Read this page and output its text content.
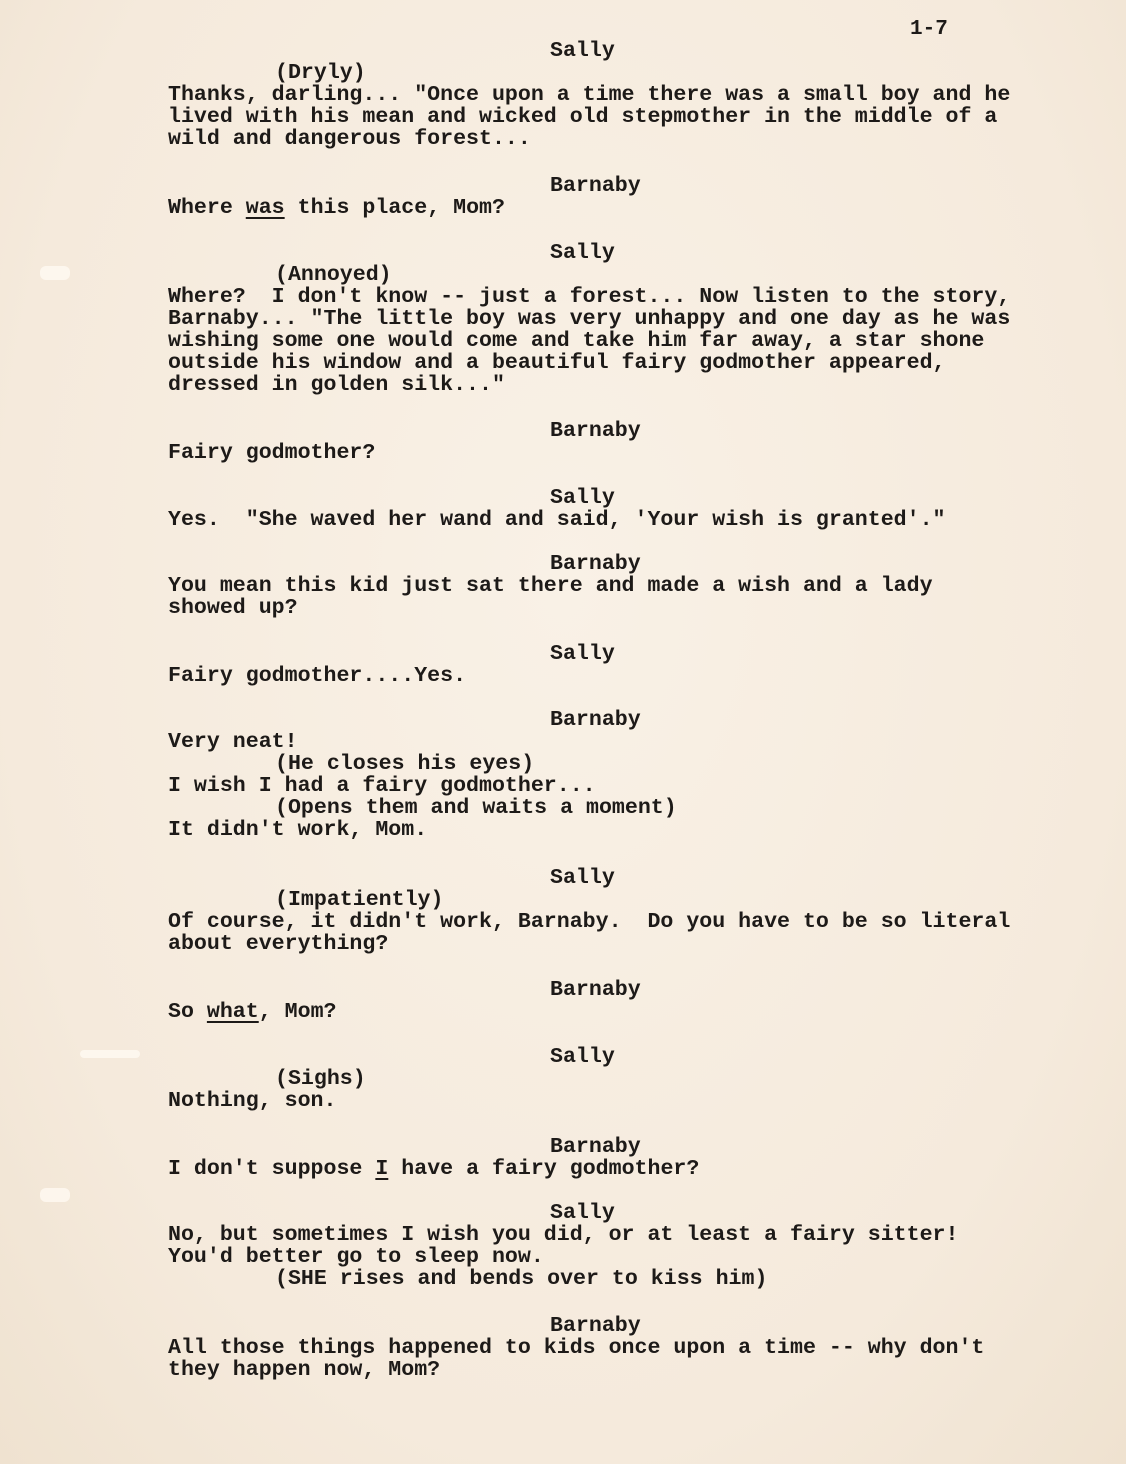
1-7
Sally
(Dryly)
Thanks, darling... "Once upon a time there was a small boy and he
lived with his mean and wicked old stepmother in the middle of a
wild and dangerous forest...
Barnaby
Where was this place, Mom?
Sally
(Annoyed)
Where?  I don't know -- just a forest... Now listen to the story,
Barnaby... "The little boy was very unhappy and one day as he was
wishing some one would come and take him far away, a star shone
outside his window and a beautiful fairy godmother appeared,
dressed in golden silk..."
Barnaby
Fairy godmother?
Sally
Yes.  "She waved her wand and said, 'Your wish is granted'."
Barnaby
You mean this kid just sat there and made a wish and a lady
showed up?
Sally
Fairy godmother....Yes.
Barnaby
Very neat!
(He closes his eyes)
I wish I had a fairy godmother...
(Opens them and waits a moment)
It didn't work, Mom.
Sally
(Impatiently)
Of course, it didn't work, Barnaby.  Do you have to be so literal
about everything?
Barnaby
So what, Mom?
Sally
(Sighs)
Nothing, son.
Barnaby
I don't suppose I have a fairy godmother?
Sally
No, but sometimes I wish you did, or at least a fairy sitter!
You'd better go to sleep now.
(SHE rises and bends over to kiss him)
Barnaby
All those things happened to kids once upon a time -- why don't
they happen now, Mom?
